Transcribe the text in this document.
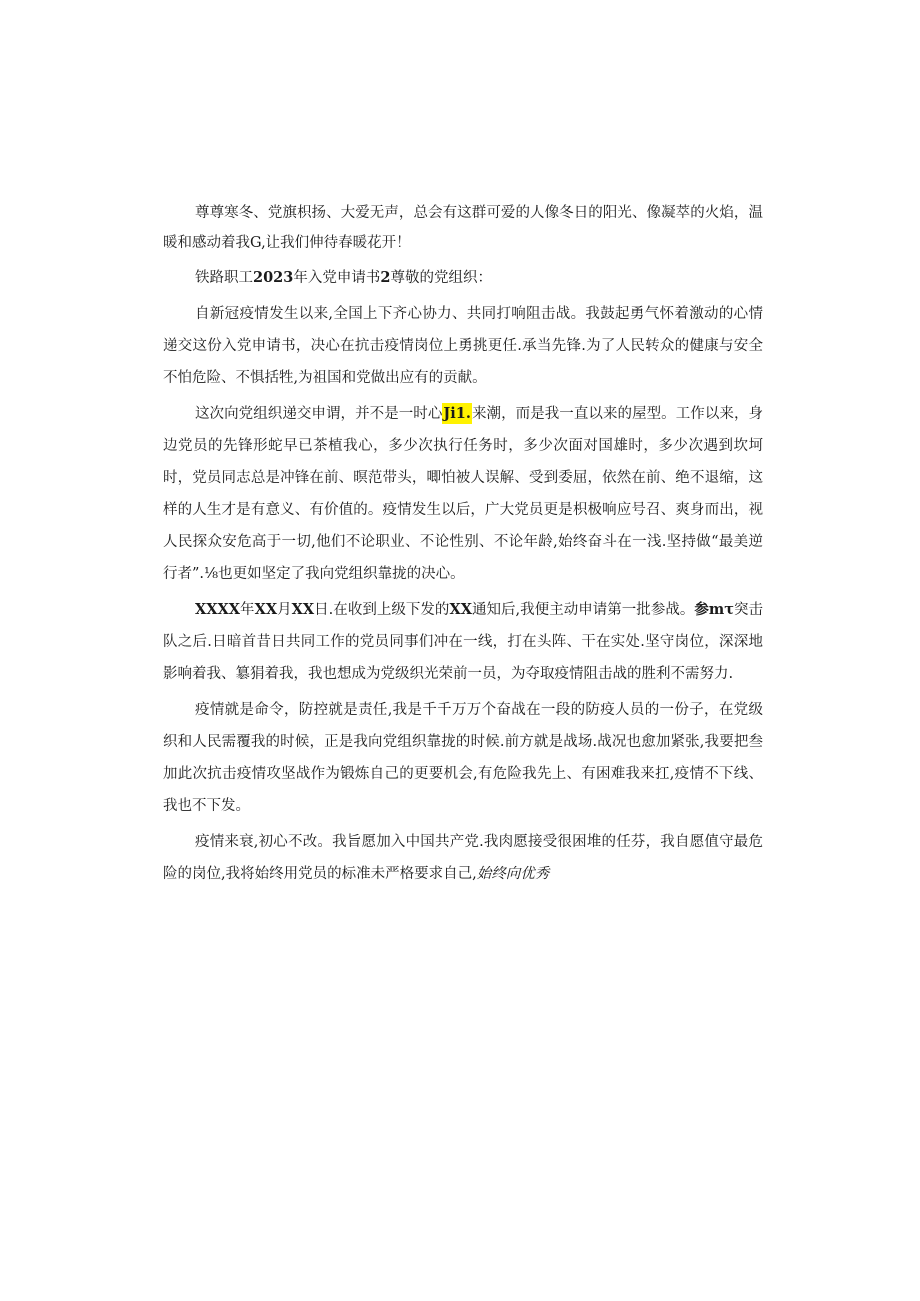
尊尊寒冬、党旗枳扬、大爱无声，总会有这群可爱的人像冬日的阳光、像凝萃的火焰，温暖和感动着我G,让我们伸待春暖花开！

铁路职工2023年入党申请书2尊敬的党组织：

自新冠疫情发生以来,全国上下齐心协力、共同打响阻击战。我鼓起勇气怀着激动的心情递交这份入党申请书，决心在抗击疫情岗位上勇挑更任.承当先锋.为了人民转众的健康与安全不怕危险、不惧括牲,为祖国和党做出应有的贡献。

这次向党组织递交申谓，并不是一时心Ji1.来潮，而是我一直以来的屋型。工作以来，身边党员的先锋形蛇早已茶植我心，多少次执行任务时，多少次面对国雄时，多少次遇到坎坷时，党员同志总是冲锋在前、暝范带头，唧怕被人误解、受到委屈，依然在前、绝不退缩，这样的人生才是有意义、有价值的。疫情发生以后，广大党员更是枳极响应号召、爽身而出，视人民探众安危高于一切,他们不论职业、不论性别、不论年龄,始终奋斗在一浅.坚持做“最美逆行者”.⅛也更如坚定了我向党组织靠拢的决心。

XXXX年XX月XX日.在收到上级下发的XX通知后,我便主动申请第一批参战。参mτ突击队之后.日暗首昔日共同工作的党员同事们冲在一线，打在头阵、干在实处.坚守岗位，深深地影响着我、簒狷着我，我也想成为党级织光荣前一员，为夺取疫情阻击战的胜利不需努力.

疫情就是命令，防控就是责任,我是千千万万个奋战在一段的防疫人员的一份子，在党级织和人民需覆我的时候，正是我向党组织靠拢的时候.前方就是战场.战况也愈加紧张,我要把叁加此次抗击疫情攻坚战作为锻炼自己的更要机会,有危险我先上、有困难我来扛,疫情不下线、我也不下发。

疫情来衰,初心不改。我旨愿加入中国共产党.我肉愿接受很困堆的任芬，我自愿值守最危险的岗位,我将始终用党员的标准未严格要求自己,始终向优秀
